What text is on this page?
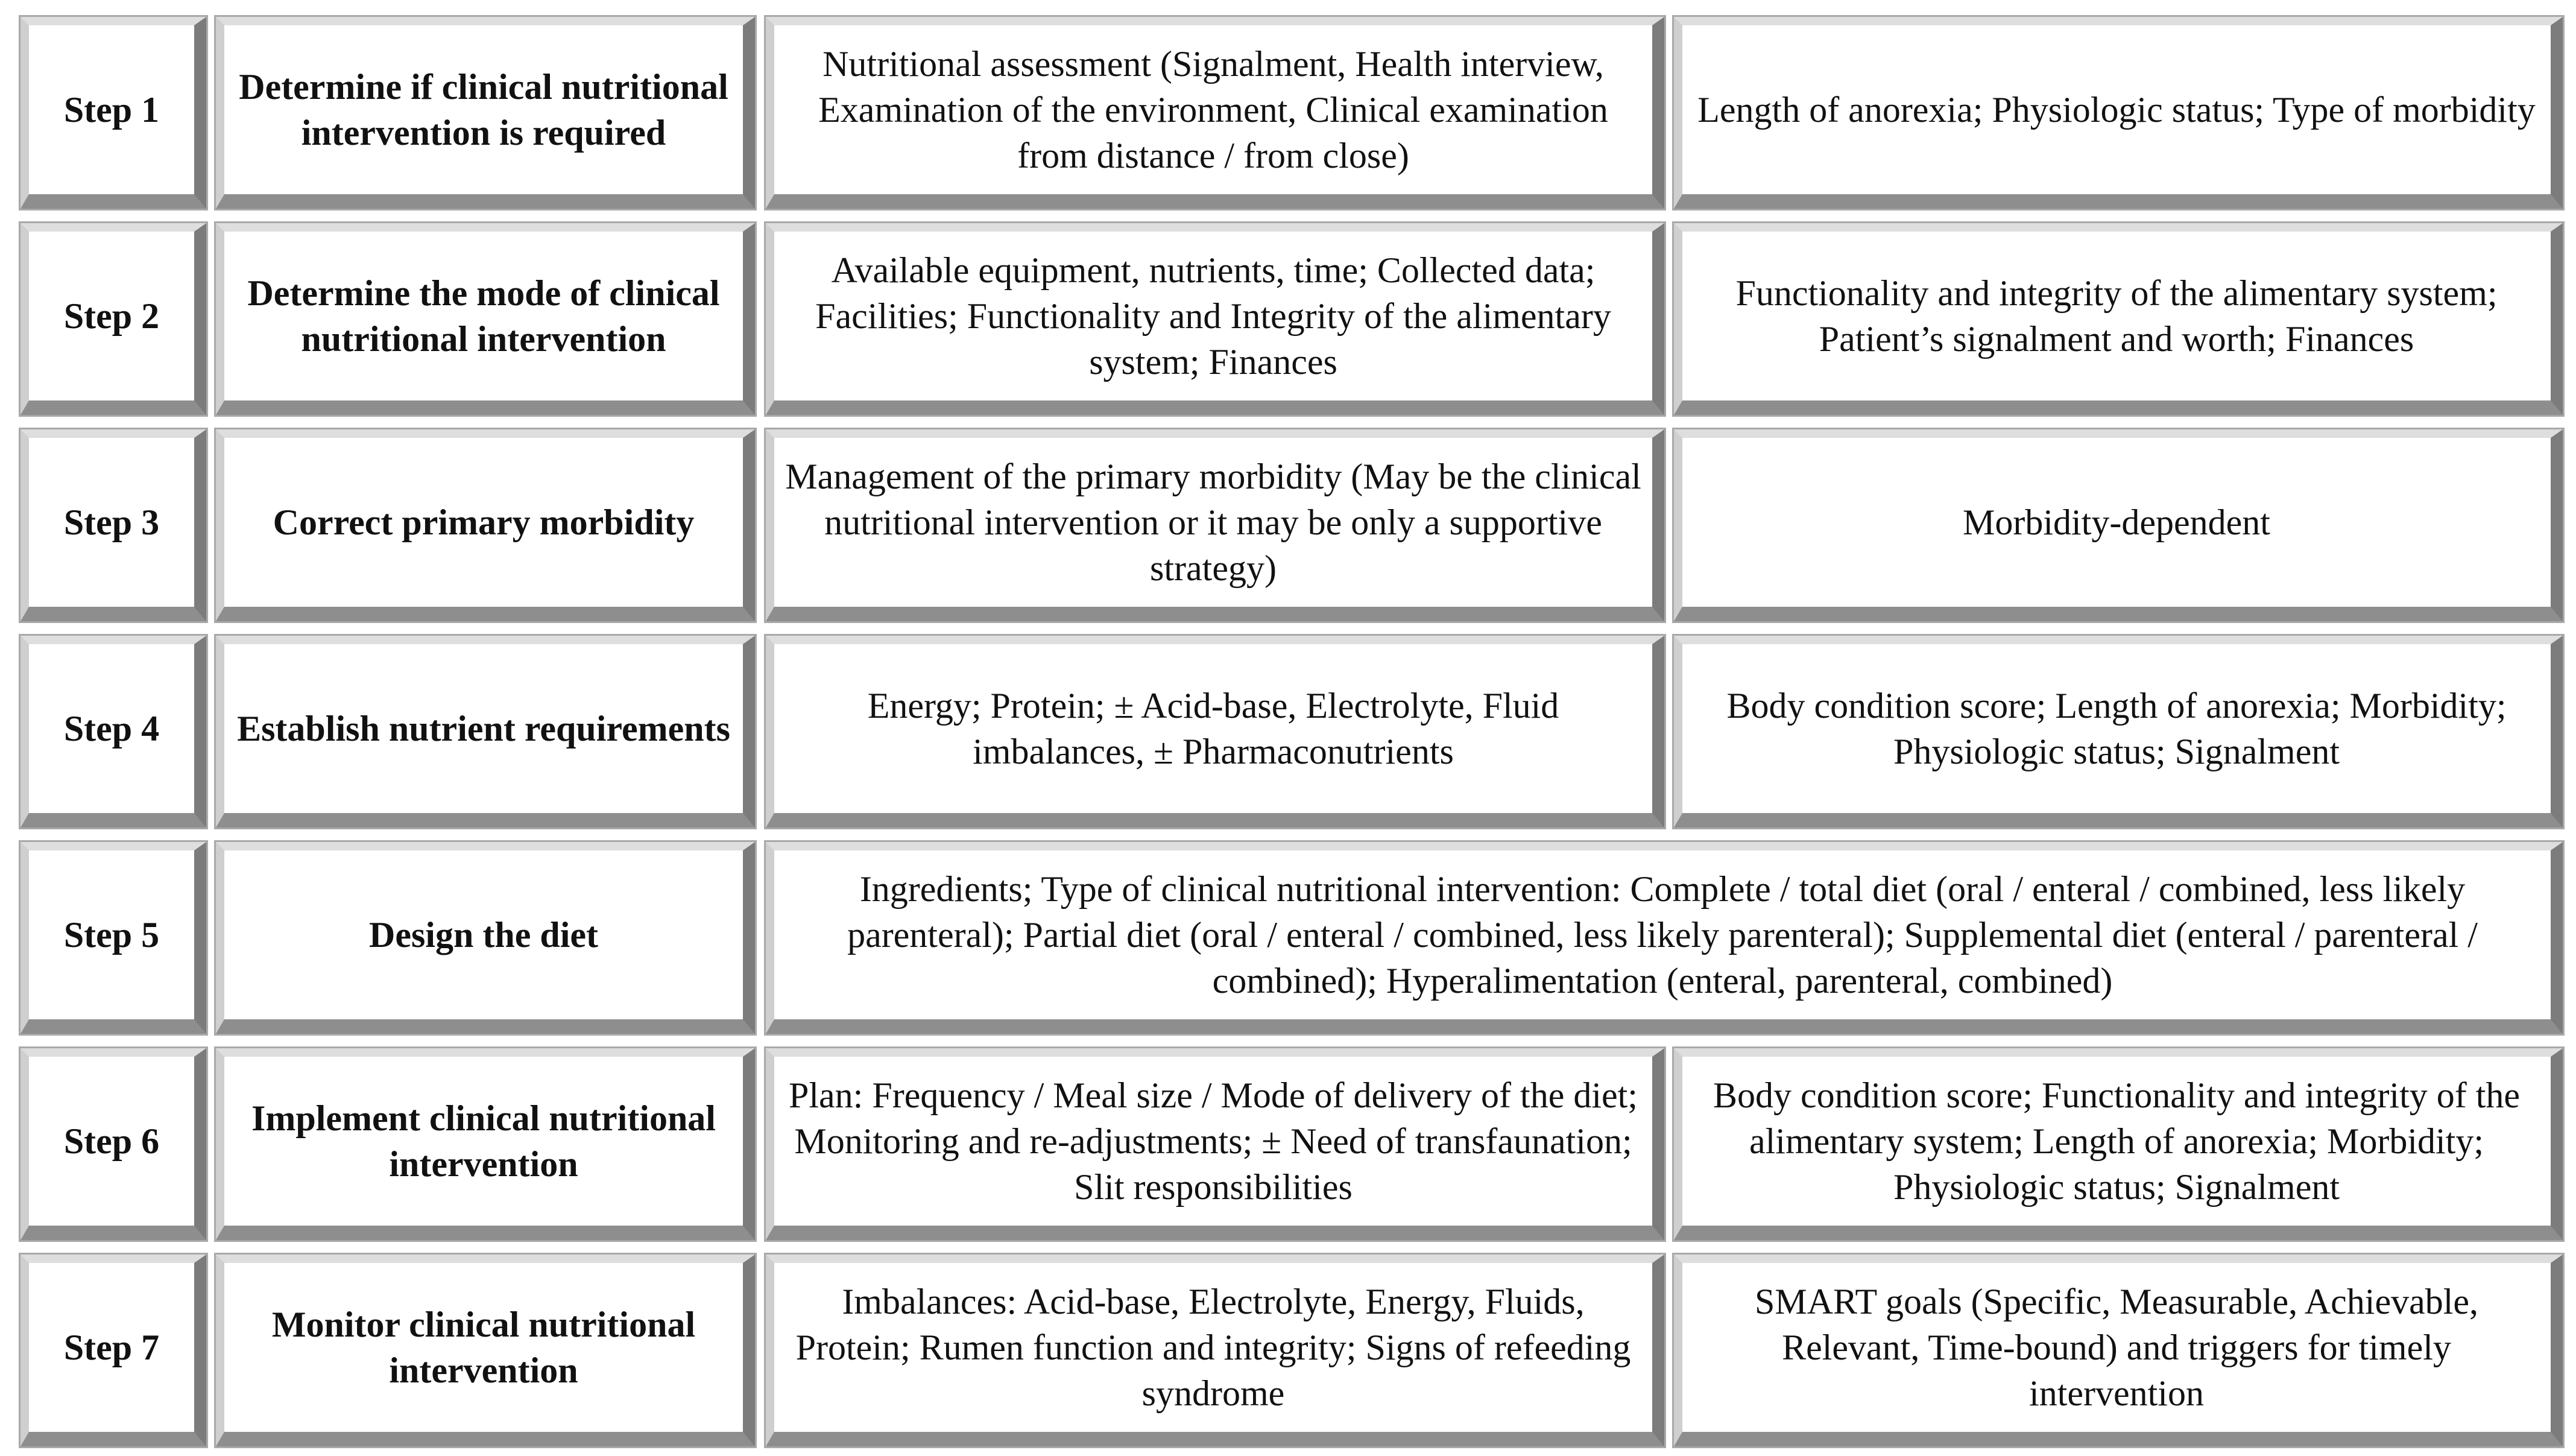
Step 1
Determine if clinical nutritional intervention is required
Nutritional assessment (Signalment, Health interview, Examination of the environment, Clinical examination from distance / from close)
Length of anorexia; Physiologic status; Type of morbidity
Step 2
Determine the mode of clinical nutritional intervention
Available equipment, nutrients, time; Collected data; Facilities; Functionality and Integrity of the alimentary system; Finances
Functionality and integrity of the alimentary system; Patient’s signalment and worth; Finances
Step 3	Correct primary morbidity
Management of the primary morbidity (May be the clinical nutritional intervention or it may be only a supportive strategy)
Morbidity-dependent
Step 4 Establish nutrient requirements
Energy; Protein; ± Acid-base, Electrolyte, Fluid imbalances, ± Pharmaconutrients
Body condition score; Length of anorexia; Morbidity; Physiologic status; Signalment
Step 5	Design the diet
Ingredients; Type of clinical nutritional intervention: Complete / total diet (oral / enteral / combined, less likely parenteral); Partial diet (oral / enteral / combined, less likely parenteral); Supplemental diet (enteral / parenteral / combined); Hyperalimentation (enteral, parenteral, combined)
Step 6
Implement clinical nutritional intervention
Plan: Frequency / Meal size / Mode of delivery of the diet; Monitoring and re-adjustments; ± Need of transfaunation; Slit responsibilities
Body condition score; Functionality and integrity of the alimentary system; Length of anorexia; Morbidity; Physiologic status; Signalment
Step 7
Monitor clinical nutritional intervention
Imbalances: Acid-base, Electrolyte, Energy, Fluids, Protein; Rumen function and integrity; Signs of refeeding syndrome
SMART goals (Specific, Measurable, Achievable, Relevant, Time-bound) and triggers for timely intervention
